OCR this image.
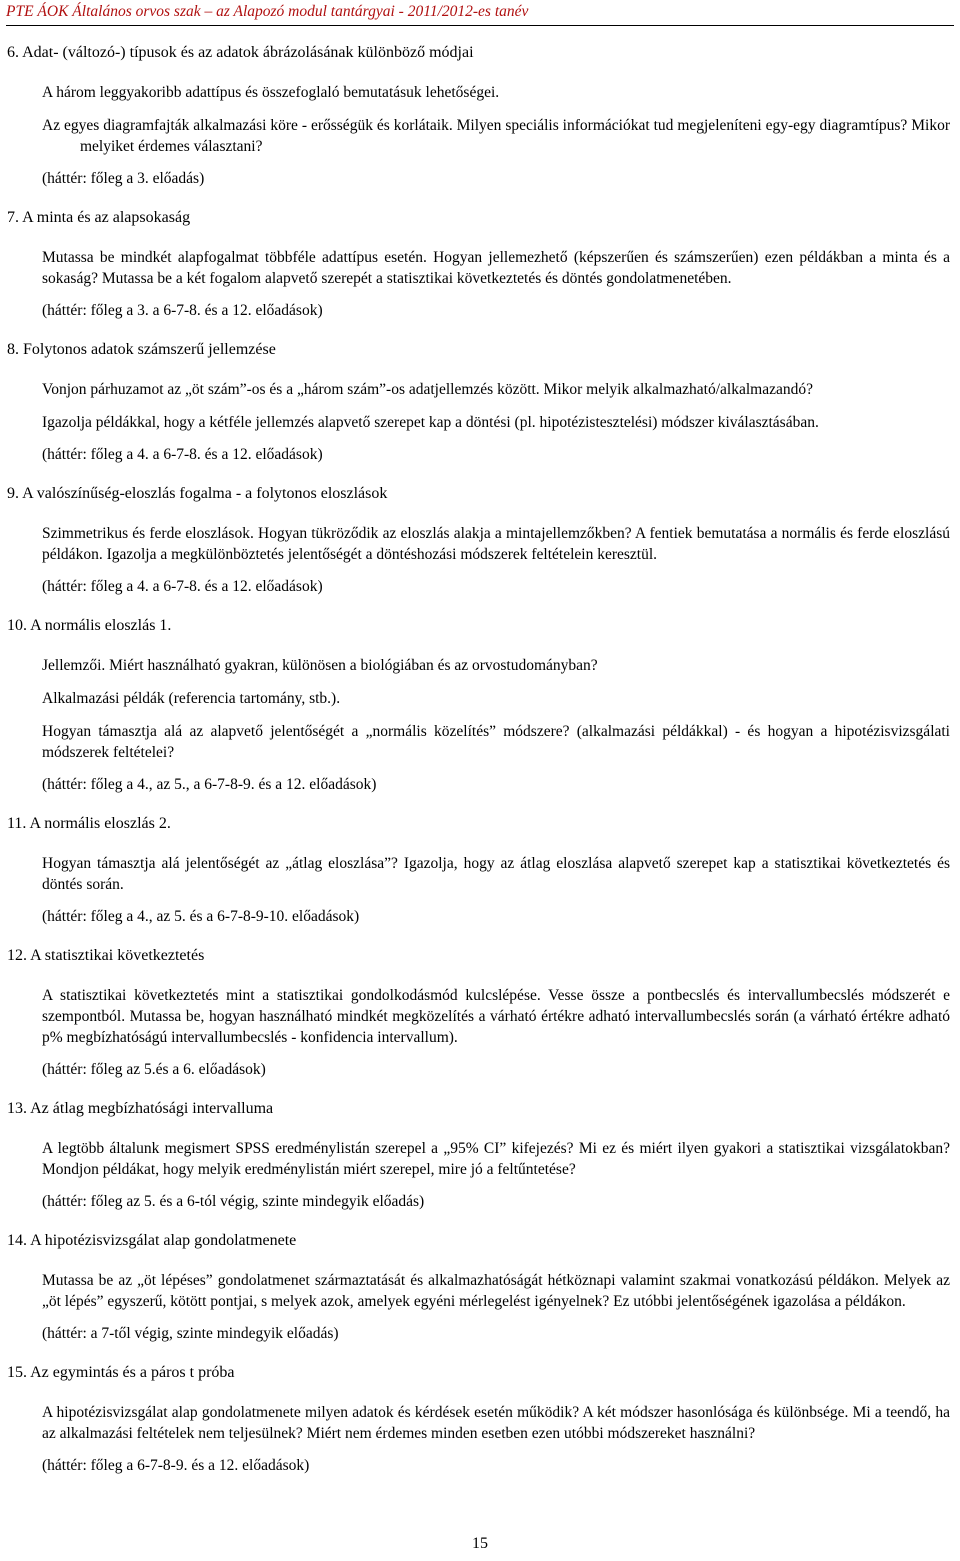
PTE ÁOK Általános orvos szak – az Alapozó modul tantárgyai - 2011/2012-es tanév
6. Adat- (változó-) típusok és az adatok ábrázolásának különböző módjai

A három leggyakoribb adattípus és összefoglaló bemutatásuk lehetőségei.

Az egyes diagramfajták alkalmazási köre - erősségük és korlátaik. Milyen speciális információkat tud megjeleníteni egy-egy diagramtípus? Mikor melyiket érdemes választani?

(háttér: főleg a 3. előadás)

7. A minta és az alapsokaság

Mutassa be mindkét alapfogalmat többféle adattípus esetén. Hogyan jellemezhető (képszerűen és számszerűen) ezen példákban a minta és a sokaság? Mutassa be a két fogalom alapvető szerepét a statisztikai következtetés és döntés gondolatmenetében.

(háttér: főleg a 3. a 6-7-8. és a 12. előadások)

8. Folytonos adatok számszerű jellemzése

Vonjon párhuzamot az „öt szám”-os és a „három szám”-os adatjellemzés között. Mikor melyik alkalmazható/alkalmazandó?

Igazolja példákkal, hogy a kétféle jellemzés alapvető szerepet kap a döntési (pl. hipotézistesztelési) módszer kiválasztásában.

(háttér: főleg a 4. a 6-7-8. és a 12. előadások)

9. A valószínűség-eloszlás fogalma - a folytonos eloszlások

Szimmetrikus és ferde eloszlások. Hogyan tükröződik az eloszlás alakja a mintajellemzőkben? A fentiek bemutatása a normális és ferde eloszlású példákon. Igazolja a megkülönböztetés jelentőségét a döntéshozási módszerek feltételein keresztül.

(háttér: főleg a 4. a 6-7-8. és a 12. előadások)

10. A normális eloszlás 1.

Jellemzői. Miért használható gyakran, különösen a biológiában és az orvostudományban?

Alkalmazási példák (referencia tartomány, stb.).

Hogyan támasztja alá az alapvető jelentőségét a „normális közelítés” módszere? (alkalmazási példákkal) - és hogyan a hipotézisvizsgálati módszerek feltételei?

(háttér: főleg a 4., az 5., a 6-7-8-9. és a 12. előadások)

11. A normális eloszlás 2.

Hogyan támasztja alá jelentőségét az „átlag eloszlása”? Igazolja, hogy az átlag eloszlása alapvető szerepet kap a statisztikai következtetés és döntés során.

(háttér: főleg a 4., az 5. és a 6-7-8-9-10. előadások)

12. A statisztikai következtetés

A statisztikai következtetés mint a statisztikai gondolkodásmód kulcslépése. Vesse össze a pontbecslés és intervallumbecslés módszerét e szempontból. Mutassa be, hogyan használható mindkét megközelítés a várható értékre adható intervallumbecslés során (a várható értékre adható p% megbízhatóságú intervallumbecslés - konfidencia intervallum).

(háttér: főleg az 5.és a 6. előadások)

13. Az átlag megbízhatósági intervalluma

A legtöbb általunk megismert SPSS eredménylistán szerepel a „95% CI” kifejezés? Mi ez és miért ilyen gyakori a statisztikai vizsgálatokban? Mondjon példákat, hogy melyik eredménylistán miért szerepel, mire jó a feltűntetése?

(háttér: főleg az 5. és a 6-tól végig, szinte mindegyik előadás)

14. A hipotézisvizsgálat alap gondolatmenete

Mutassa be az „öt lépéses” gondolatmenet származtatását és alkalmazhatóságát hétköznapi valamint szakmai vonatkozású példákon. Melyek az „öt lépés” egyszerű, kötött pontjai, s melyek azok, amelyek egyéni mérlegelést igényelnek? Ez utóbbi jelentőségének igazolása a példákon.

(háttér: a 7-től végig, szinte mindegyik előadás)

15. Az egymintás és a páros t próba

A hipotézisvizsgálat alap gondolatmenete milyen adatok és kérdések esetén működik? A két módszer hasonlósága és különbsége. Mi a teendő, ha az alkalmazási feltételek nem teljesülnek? Miért nem érdemes minden esetben ezen utóbbi módszereket használni?

(háttér: főleg a 6-7-8-9. és a 12. előadások)

15
